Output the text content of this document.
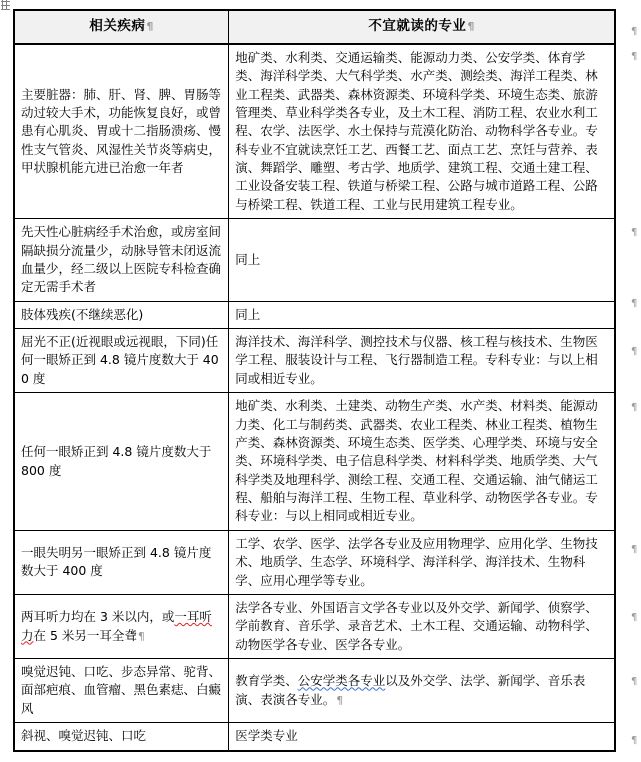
¶
¶
¶
¶
¶
¶
¶
¶
¶
¶
相关疾病¶	不宜就读的专业¶

主要脏器：肺、肝、肾、脾、胃肠等动过较大手术，功能恢复良好，或曾患有心肌炎、胃或十二指肠溃疡、慢性支气管炎、风湿性关节炎等病史，甲状腺机能亢进已治愈一年者	地矿类、水利类、交通运输类、能源动力类、公安学类、体育学类、海洋科学类、大气科学类、水产类、测绘类、海洋工程类、林业工程类、武器类、森林资源类、环境科学类、环境生态类、旅游管理类、草业科学类各专业，及土木工程、消防工程、农业水利工程、农学、法医学、水土保持与荒漠化防治、动物科学各专业。专科专业不宜就读烹饪工艺、西餐工艺、面点工艺、烹饪与营养、表演、舞蹈学、雕塑、考古学、地质学、建筑工程、交通土建工程、工业设备安装工程、铁道与桥梁工程、公路与城市道路工程、公路与桥梁工程、铁道工程、工业与民用建筑工程专业。

先天性心脏病经手术治愈，或房室间隔缺损分流量少，动脉导管未闭返流血量少，经二级以上医院专科检查确定无需手术者	同上

肢体残疾(不继续恶化)	同上

屈光不正(近视眼或远视眼，下同)任何一眼矫正到 4.8 镜片度数大于 400 度	海洋技术、海洋科学、测控技术与仪器、核工程与核技术、生物医学工程、服装设计与工程、飞行器制造工程。专科专业：与以上相同或相近专业。

任何一眼矫正到 4.8 镜片度数大于 800 度	地矿类、水利类、土建类、动物生产类、水产类、材料类、能源动力类、化工与制药类、武器类、农业工程类、林业工程类、植物生产类、森林资源类、环境生态类、医学类、心理学类、环境与安全类、环境科学类、电子信息科学类、材料科学类、地质学类、大气科学类及地理科学、测绘工程、交通工程、交通运输、油气储运工程、船舶与海洋工程、生物工程、草业科学、动物医学各专业。专科专业：与以上相同或相近专业。

一眼失明另一眼矫正到 4.8 镜片度数大于 400 度	工学、农学、医学、法学各专业及应用物理学、应用化学、生物技术、地质学、生态学、环境科学、海洋科学、海洋技术、生物科学、应用心理学等专业。

两耳听力均在 3 米以内，或一耳听力在 5 米另一耳全聋¶	法学各专业、外国语言文学各专业以及外交学、新闻学、侦察学、学前教育、音乐学、录音艺术、土木工程、交通运输、动物科学、动物医学各专业、医学各专业。

嗅觉迟钝、口吃、步态异常、驼背、面部疤痕、血管瘤、黑色素痣、白癜风	教育学类、公安学类各专业以及外交学、法学、新闻学、音乐表演、表演各专业。¶

斜视、嗅觉迟钝、口吃	医学类专业
